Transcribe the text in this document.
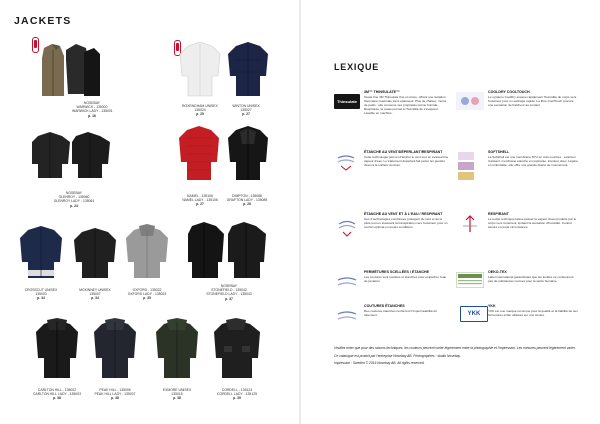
JACKETS
NOSEBAY
WARWICK - 135000
WARWICK LADY - 135001
p. 16
BOXENGHAM UNISEX
135024
p. 25
WINTON UNISEX
135027
p. 27
NOSEBAY
GLENROY - 135060
GLENROY LADY - 135061
p. 24
NAMEL - 135106
NAMEL LADY - 135106
p. 27
DIMPTON - 135088
GRAFTON LADY - 135089
p. 28
CROSSCUT UNISEX
135003
p. 34
MCKINNEY UNISEX
135007
p. 34
OXFORD - 135022
OXFORD LADY - 135023
p. 35
NOSEBAY
STONEFIELD - 135042
STONEFIELD LADY - 135043
p. 37
CARLTON HILL - 135002
CARLTON HILL LADY - 135003
p. 38
PEAK HILL - 135006
PEAK HILL LADY - 135007
p. 38
EXMORE UNISEX
135015
p. 38
CORDELL - 135124
CORDELL LADY - 135125
p. 39
LEXIQUE
Thinsulate
3M™ THINSULATE™
Ouate fine 3M Thinsulate fine et mince, offrant une isolation thermique maximale sans épaisseur. Plus de chaleur, moins de poids : elle conserve ses propriétés même humide. Respirante, la ouate permet à l'humidité de s'évaporer. Lavable en machine.
COOLDRY COOLTOUCH
Le système CoolDry évacue rapidement l'humidité du corps vers l'extérieur pour un séchage rapide. La fibre CoolTouch procure une sensation de fraîcheur au contact.
ÉTANCHE AU VENT/DÉPERLANT/RESPIRANT
Cette technologie permet d'arrêter le vent tout en évacuant la vapeur d'eau. Le traitement déperlant fait perler les gouttes d'eau à la surface du tissu.
SOFTSHELL
La Softshell est une membrane TPU en trois couches : extérieur résistant, membrane étanche et respirante, intérieur doux. Légère et confortable, elle offre une grande liberté de mouvement.
ÉTANCHE AU VENT ET À L'EAU / RESPIRANT
Ces 3 technologies combinées protègent du vent et de la pluie tout en évacuant la transpiration vers l'extérieur pour un confort optimal en toutes conditions.
RESPIRANT
Le textile technique laisse passer la vapeur d'eau produite par le corps vers l'extérieur, limitant la sensation d'humidité. Confort assuré en toute circonstance.
PERMÉTURES SCELLÉES / ÉTANCHE
Les coutures sont scellées et étanches pour empêcher l'eau de pénétrer.
OEKO-TEX
Label international garantissant que les textiles ne contiennent pas de substances nocives pour la santé humaine.
COUTURES ÉTANCHES
Des coutures étanches renforcent l'imperméabilité du vêtement.	YKK
YKK
YKK est une marque reconnue pour la qualité et la fiabilité de ses fermetures éclair utilisées sur nos vestes.
Veuillez noter que pour des raisons techniques, les couleurs peuvent varier légèrement entre la photographie et l'impression. Les mesures peuvent légèrement varier.
Ce catalogue est produit par l'entreprise Nosebay AB. Photographies : studio Nosebay.
Impression : Sweden © 2019 Nosebay AB. All rights reserved.
